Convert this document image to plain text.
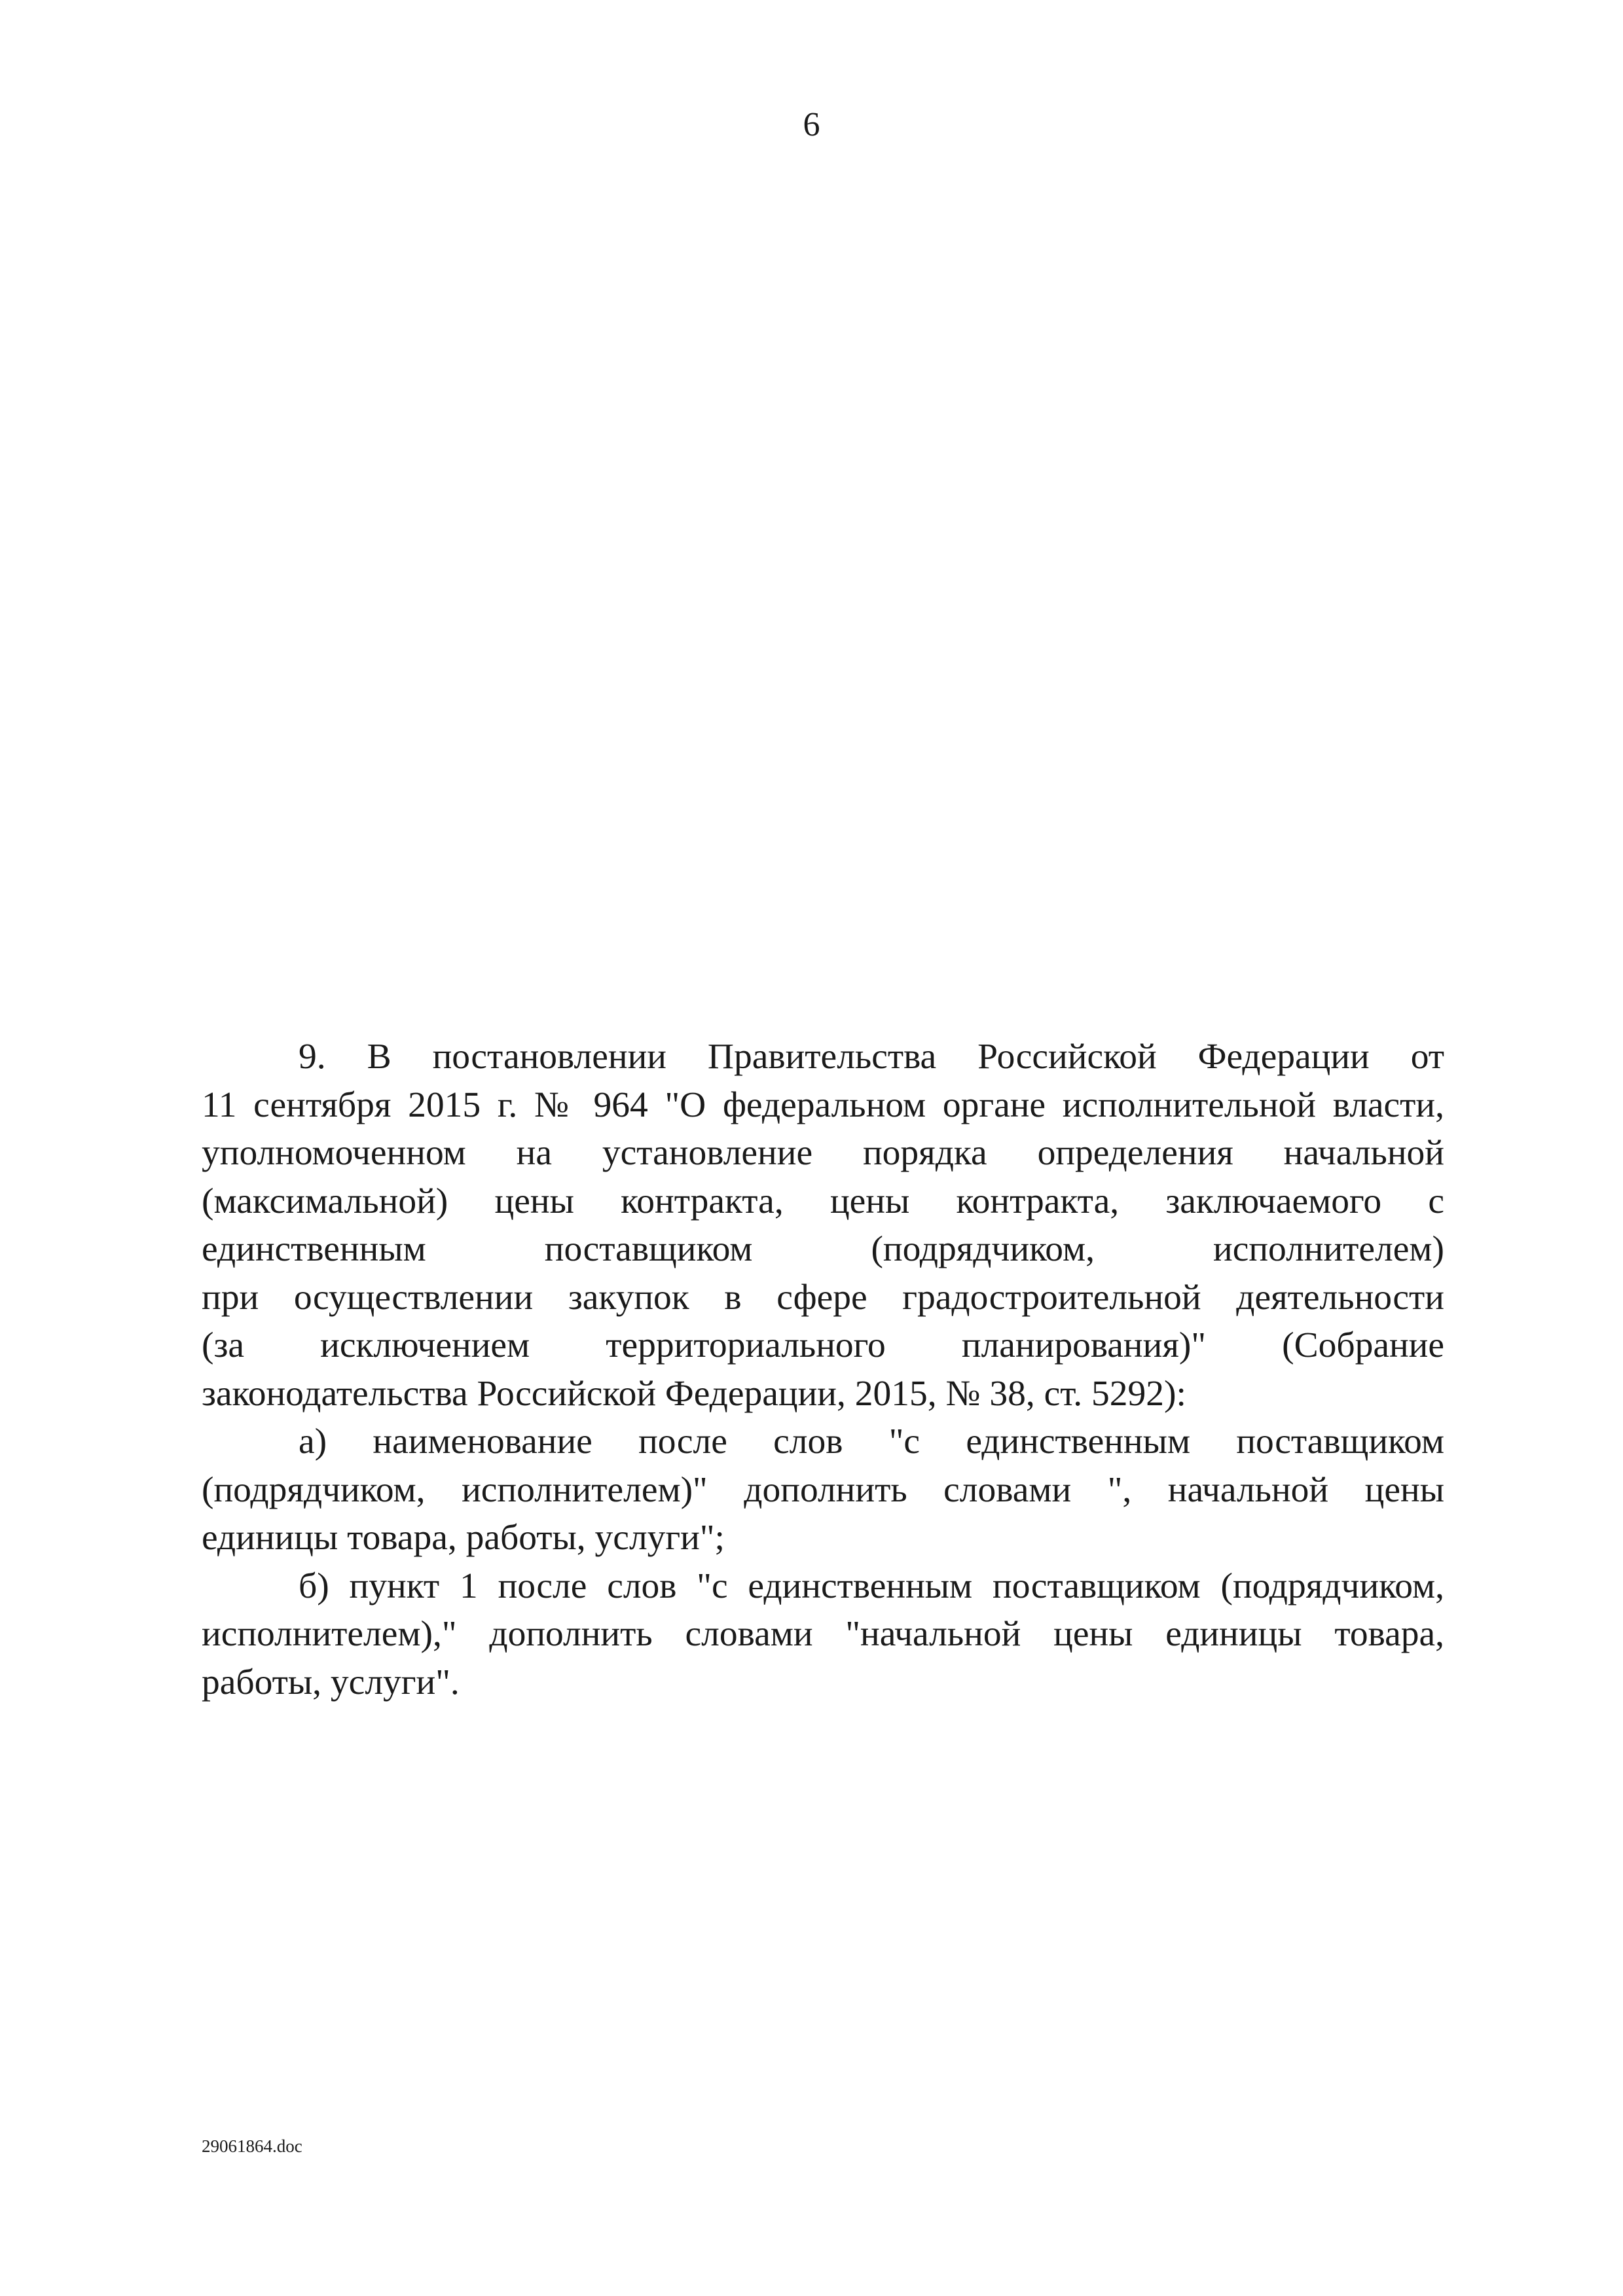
6
9. В постановлении Правительства Российской Федерации от
11 сентября 2015 г. № 964 "О федеральном органе исполнительной власти,
уполномоченном на установление порядка определения начальной
(максимальной) цены контракта, цены контракта, заключаемого с
единственным поставщиком (подрядчиком, исполнителем)
при осуществлении закупок в сфере градостроительной деятельности
(за исключением территориального планирования)" (Собрание
законодательства Российской Федерации, 2015, № 38, ст. 5292):
а) наименование после слов "с единственным поставщиком
(подрядчиком, исполнителем)" дополнить словами ", начальной цены
единицы товара, работы, услуги";
б) пункт 1 после слов "с единственным поставщиком (подрядчиком,
исполнителем)," дополнить словами "начальной цены единицы товара,
работы, услуги".
29061864.doc
